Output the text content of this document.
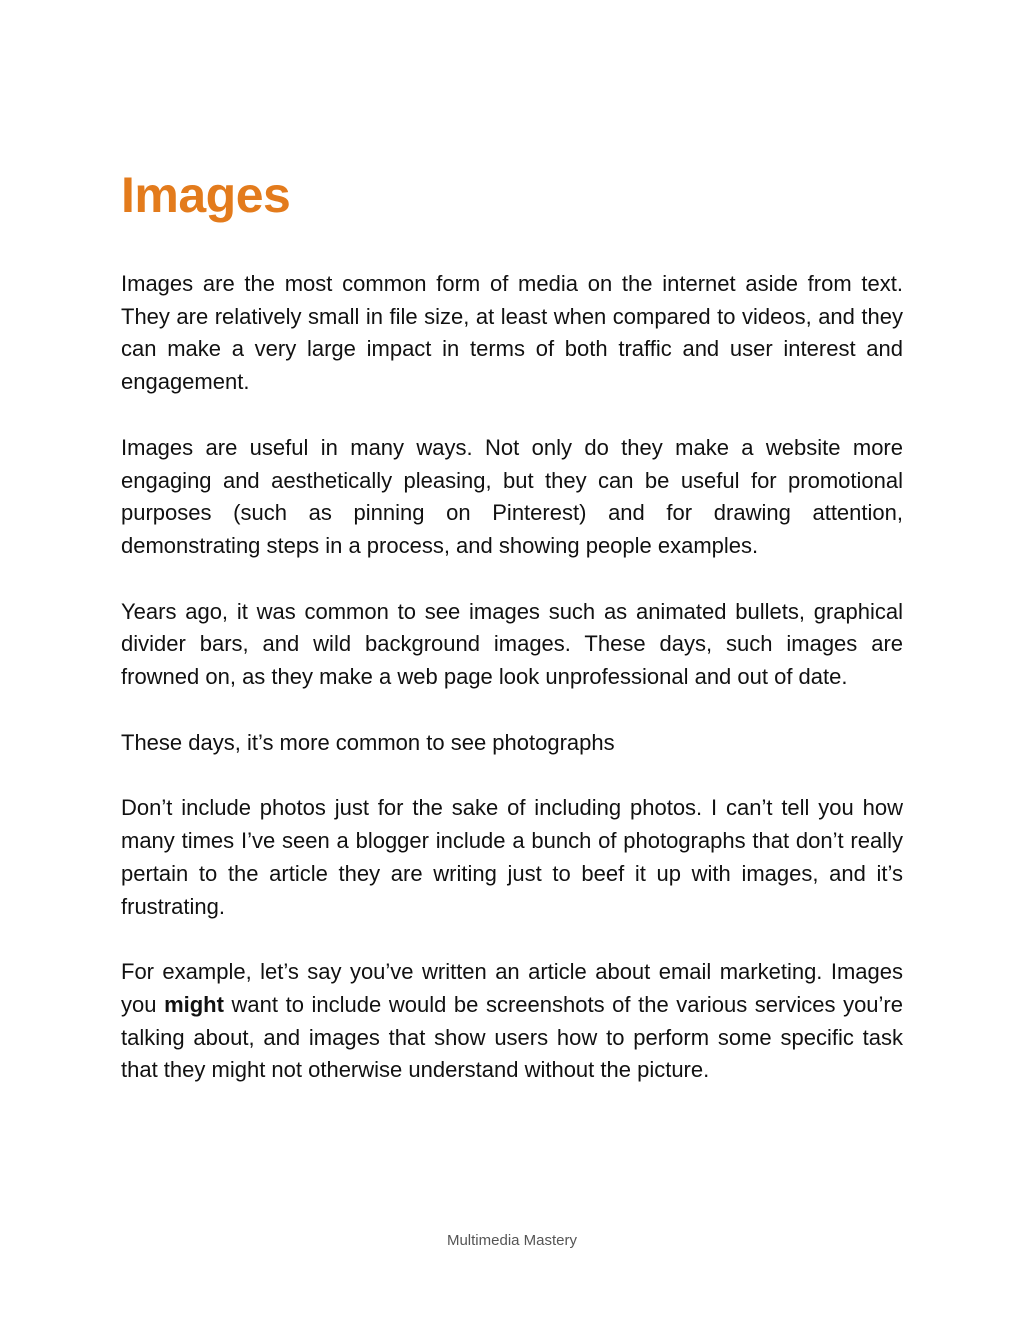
Images

Images are the most common form of media on the internet aside from text. They are relatively small in file size, at least when compared to videos, and they can make a very large impact in terms of both traffic and user interest and engagement.

Images are useful in many ways. Not only do they make a website more engaging and aesthetically pleasing, but they can be useful for promotional purposes (such as pinning on Pinterest) and for drawing attention, demonstrating steps in a process, and showing people examples.

Years ago, it was common to see images such as animated bullets, graphical divider bars, and wild background images. These days, such images are frowned on, as they make a web page look unprofessional and out of date.

These days, it’s more common to see photographs

Don’t include photos just for the sake of including photos. I can’t tell you how many times I’ve seen a blogger include a bunch of photographs that don’t really pertain to the article they are writing just to beef it up with images, and it’s frustrating.

For example, let’s say you’ve written an article about email marketing. Images you might want to include would be screenshots of the various services you’re talking about, and images that show users how to perform some specific task that they might not otherwise understand without the picture.

Multimedia Mastery
